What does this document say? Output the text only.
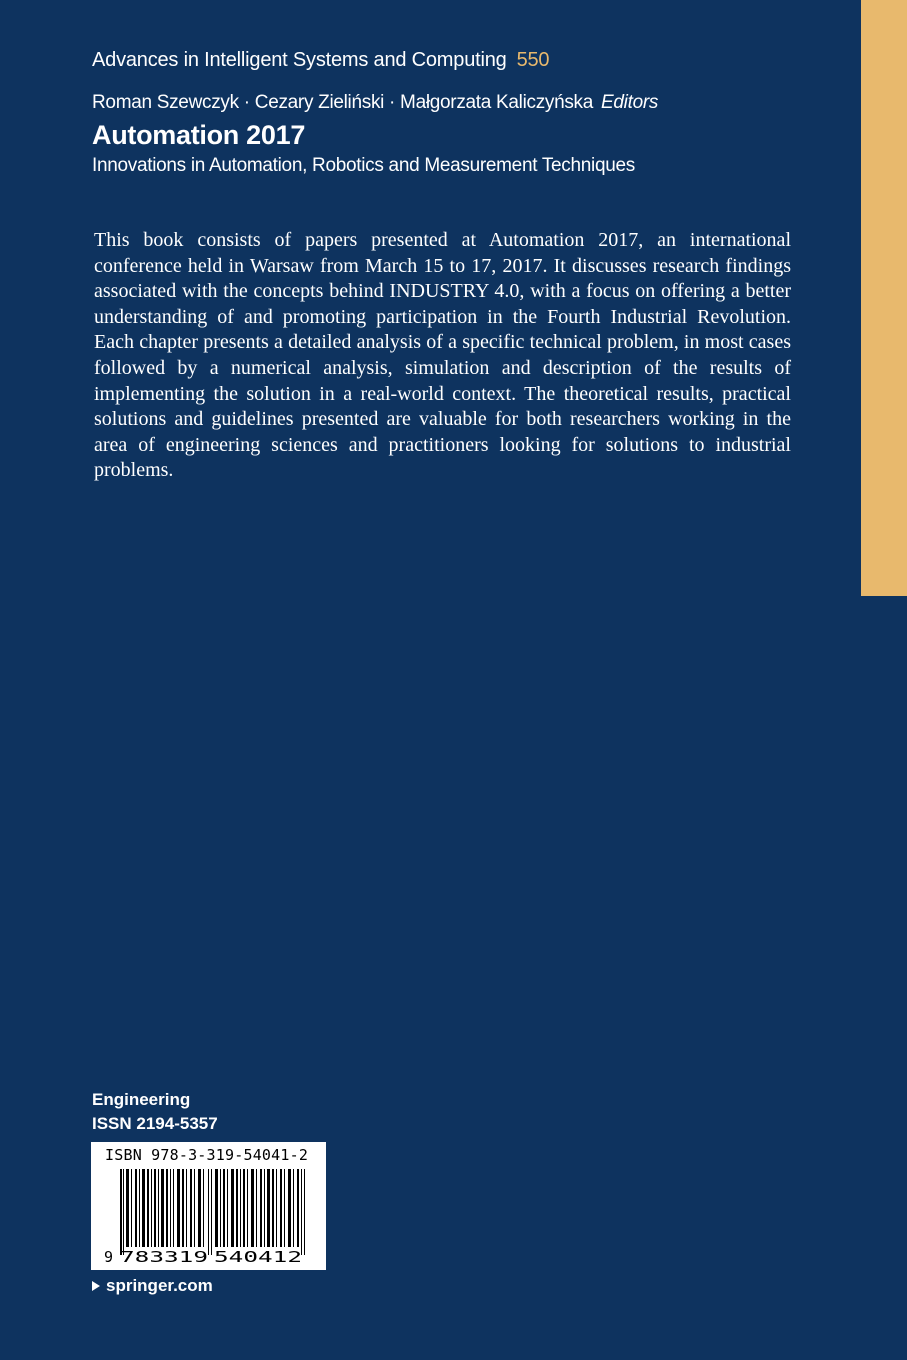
Advances in Intelligent Systems and Computing 550
Roman Szewczyk · Cezary Zieliński · Małgorzata Kaliczyńska Editors
Automation 2017
Innovations in Automation, Robotics and Measurement Techniques
This book consists of papers presented at Automation 2017, an international conference held in Warsaw from March 15 to 17, 2017. It discusses research findings associated with the concepts behind INDUSTRY 4.0, with a focus on offering a better understanding of and promoting participation in the Fourth Industrial Revolution. Each chapter presents a detailed analysis of a specific technical problem, in most cases followed by a numerical analysis, simulation and description of the results of implementing the solution in a real-world context. The theoretical results, practical solutions and guidelines presented are valuable for both researchers working in the area of engineering sciences and practitioners looking for solutions to industrial problems.
Engineering
ISSN 2194-5357
9 783319 540412
ISBN 978-3-319-54041-2
springer.com
